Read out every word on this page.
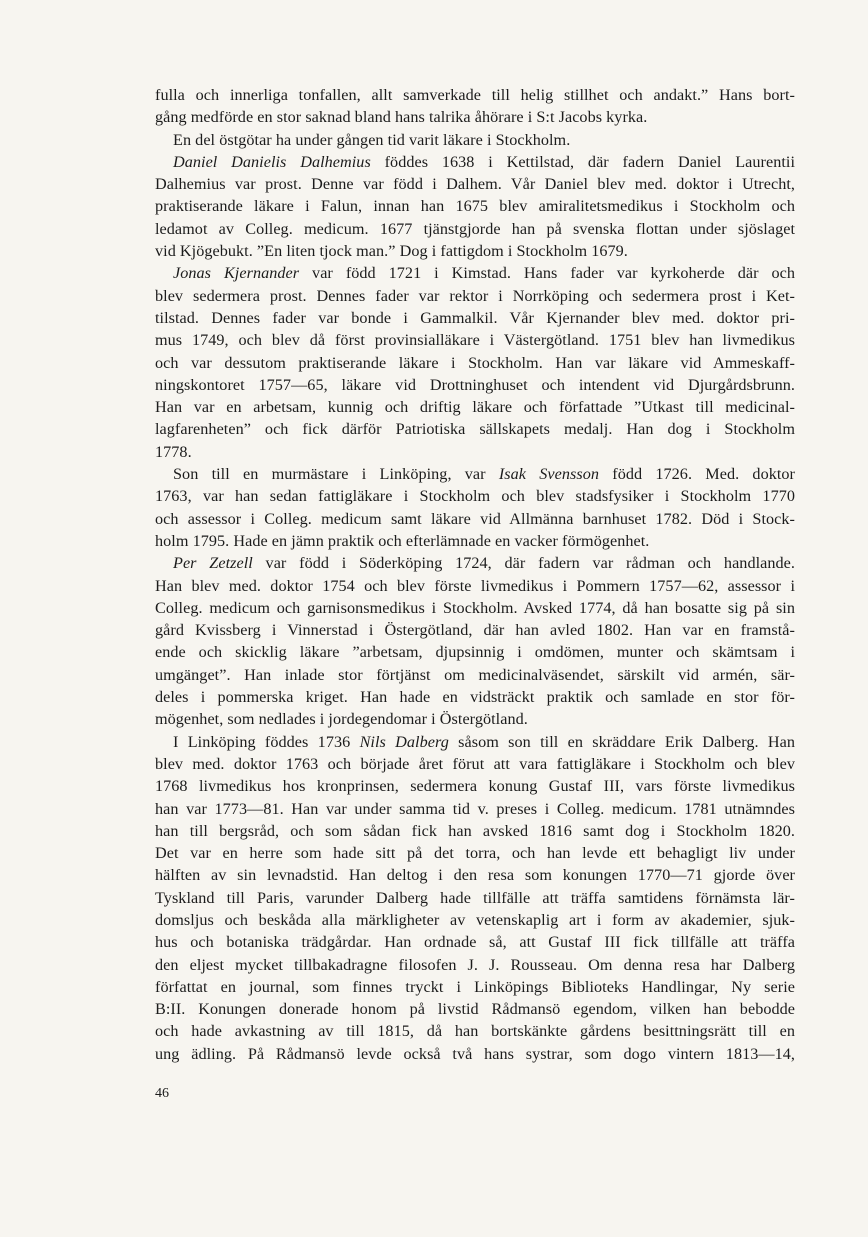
fulla och innerliga tonfallen, allt samverkade till helig stillhet och andakt.” Hans bort-
gång medförde en stor saknad bland hans talrika åhörare i S:t Jacobs kyrka.
En del östgötar ha under gången tid varit läkare i Stockholm.
Daniel Danielis Dalhemius föddes 1638 i Kettilstad, där fadern Daniel Laurentii
Dalhemius var prost. Denne var född i Dalhem. Vår Daniel blev med. doktor i Utrecht,
praktiserande läkare i Falun, innan han 1675 blev amiralitetsmedikus i Stockholm och
ledamot av Colleg. medicum. 1677 tjänstgjorde han på svenska flottan under sjöslaget
vid Kjögebukt. ”En liten tjock man.” Dog i fattigdom i Stockholm 1679.
Jonas Kjernander var född 1721 i Kimstad. Hans fader var kyrkoherde där och
blev sedermera prost. Dennes fader var rektor i Norrköping och sedermera prost i Ket-
tilstad. Dennes fader var bonde i Gammalkil. Vår Kjernander blev med. doktor pri-
mus 1749, och blev då först provinsialläkare i Västergötland. 1751 blev han livmedikus
och var dessutom praktiserande läkare i Stockholm. Han var läkare vid Ammeskaff-
ningskontoret 1757—65, läkare vid Drottninghuset och intendent vid Djurgårdsbrunn.
Han var en arbetsam, kunnig och driftig läkare och författade ”Utkast till medicinal-
lagfarenheten” och fick därför Patriotiska sällskapets medalj. Han dog i Stockholm
1778.
Son till en murmästare i Linköping, var Isak Svensson född 1726. Med. doktor
1763, var han sedan fattigläkare i Stockholm och blev stadsfysiker i Stockholm 1770
och assessor i Colleg. medicum samt läkare vid Allmänna barnhuset 1782. Död i Stock-
holm 1795. Hade en jämn praktik och efterlämnade en vacker förmögenhet.
Per Zetzell var född i Söderköping 1724, där fadern var rådman och handlande.
Han blev med. doktor 1754 och blev förste livmedikus i Pommern 1757—62, assessor i
Colleg. medicum och garnisonsmedikus i Stockholm. Avsked 1774, då han bosatte sig på sin
gård Kvissberg i Vinnerstad i Östergötland, där han avled 1802. Han var en framstå-
ende och skicklig läkare ”arbetsam, djupsinnig i omdömen, munter och skämtsam i
umgänget”. Han inlade stor förtjänst om medicinalväsendet, särskilt vid armén, sär-
deles i pommerska kriget. Han hade en vidsträckt praktik och samlade en stor för-
mögenhet, som nedlades i jordegendomar i Östergötland.
I Linköping föddes 1736 Nils Dalberg såsom son till en skräddare Erik Dalberg. Han
blev med. doktor 1763 och började året förut att vara fattigläkare i Stockholm och blev
1768 livmedikus hos kronprinsen, sedermera konung Gustaf III, vars förste livmedikus
han var 1773—81. Han var under samma tid v. preses i Colleg. medicum. 1781 utnämndes
han till bergsråd, och som sådan fick han avsked 1816 samt dog i Stockholm 1820.
Det var en herre som hade sitt på det torra, och han levde ett behagligt liv under
hälften av sin levnadstid. Han deltog i den resa som konungen 1770—71 gjorde över
Tyskland till Paris, varunder Dalberg hade tillfälle att träffa samtidens förnämsta lär-
domsljus och beskåda alla märkligheter av vetenskaplig art i form av akademier, sjuk-
hus och botaniska trädgårdar. Han ordnade så, att Gustaf III fick tillfälle att träffa
den eljest mycket tillbakadragne filosofen J. J. Rousseau. Om denna resa har Dalberg
författat en journal, som finnes tryckt i Linköpings Biblioteks Handlingar, Ny serie
B:II. Konungen donerade honom på livstid Rådmansö egendom, vilken han bebodde
och hade avkastning av till 1815, då han bortskänkte gårdens besittningsrätt till en
ung ädling. På Rådmansö levde också två hans systrar, som dogo vintern 1813—14,
46
